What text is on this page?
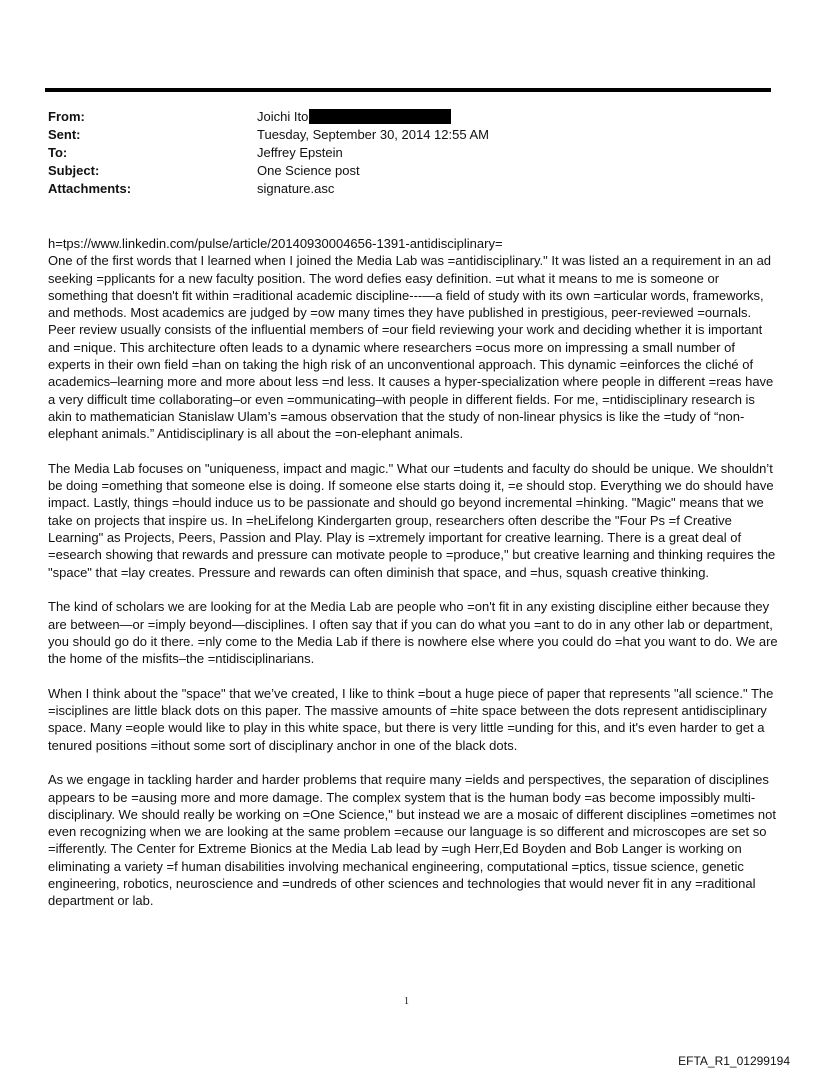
From:	Joichi Ito
Sent:	Tuesday, September 30, 2014 12:55 AM
To:	Jeffrey Epstein
Subject:	One Science post
Attachments:	signature.asc

h=tps://www.linkedin.com/pulse/article/20140930004656-1391-antidisciplinary=

One of the first words that I learned when I joined the Media Lab was =antidisciplinary." It was listed an a requirement in an ad seeking =pplicants for a new faculty position. The word defies easy definition. =ut what it means to me is someone or something that doesn't fit within =raditional academic discipline---—a field of study with its own =articular words, frameworks, and methods. Most academics are judged by =ow many times they have published in prestigious, peer-reviewed =ournals. Peer review usually consists of the influential members of =our field reviewing your work and deciding whether it is important and =nique. This architecture often leads to a dynamic where researchers =ocus more on impressing a small number of experts in their own field =han on taking the high risk of an unconventional approach. This dynamic =einforces the cliché of academics–learning more and more about less =nd less. It causes a hyper-specialization where people in different =reas have a very difficult time collaborating–or even =ommunicating–with people in different fields. For me, =ntidisciplinary research is akin to mathematician Stanislaw Ulam’s =amous observation that the study of non-linear physics is like the =tudy of “non-elephant animals.” Antidisciplinary is all about the =on-elephant animals.

The Media Lab focuses on "uniqueness, impact and magic." What our =tudents and faculty do should be unique. We shouldn’t be doing =omething that someone else is doing. If someone else starts doing it, =e should stop. Everything we do should have impact. Lastly, things =hould induce us to be passionate and should go beyond incremental =hinking. "Magic" means that we take on projects that inspire us. In =heLifelong Kindergarten group, researchers often describe the "Four Ps =f Creative Learning" as Projects, Peers, Passion and Play. Play is =xtremely important for creative learning. There is a great deal of =esearch showing that rewards and pressure can motivate people to =produce," but creative learning and thinking requires the "space" that =lay creates. Pressure and rewards can often diminish that space, and =hus, squash creative thinking.

The kind of scholars we are looking for at the Media Lab are people who =on't fit in any existing discipline either because they are between—or =imply beyond—disciplines. I often say that if you can do what you =ant to do in any other lab or department, you should go do it there. =nly come to the Media Lab if there is nowhere else where you could do =hat you want to do. We are the home of the misfits–the =ntidisciplinarians.

When I think about the "space" that we’ve created, I like to think =bout a huge piece of paper that represents "all science." The =isciplines are little black dots on this paper. The massive amounts of =hite space between the dots represent antidisciplinary space. Many =eople would like to play in this white space, but there is very little =unding for this, and it's even harder to get a tenured positions =ithout some sort of disciplinary anchor in one of the black dots.

As we engage in tackling harder and harder problems that require many =ields and perspectives, the separation of disciplines appears to be =ausing more and more damage. The complex system that is the human body =as become impossibly multi-disciplinary. We should really be working on =One Science," but instead we are a mosaic of different disciplines =ometimes not even recognizing when we are looking at the same problem =ecause our language is so different and microscopes are set so =ifferently. The Center for Extreme Bionics at the Media Lab lead by =ugh Herr,Ed Boyden and Bob Langer is working on eliminating a variety =f human disabilities involving mechanical engineering, computational =ptics, tissue science, genetic engineering, robotics, neuroscience and =undreds of other sciences and technologies that would never fit in any =raditional department or lab.

1
EFTA_R1_01299194
